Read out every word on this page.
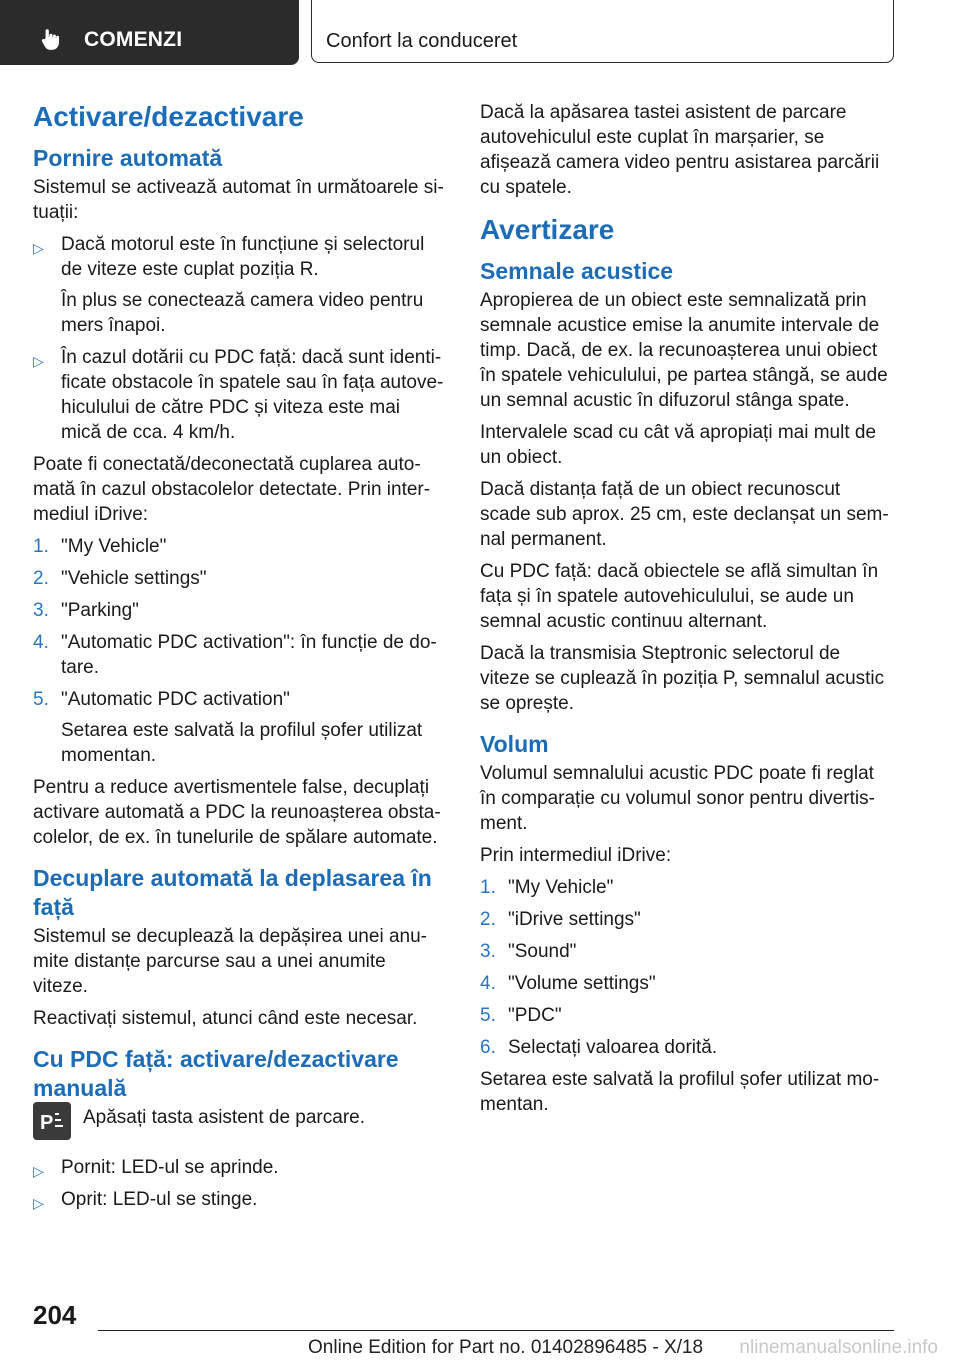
COMENZI	Confort la conduceret
Activare/dezactivare
Pornire automată

Sistemul se activează automat în următoarele situații:

▷ Dacă motorul este în funcțiune și selectorul de viteze este cuplat poziția R.
În plus se conectează camera video pentru mers înapoi.
▷ În cazul dotării cu PDC față: dacă sunt identificate obstacole în spatele sau în fața autovehiculului de către PDC și viteza este mai mică de cca. 4 km/h.

Poate fi conectată/deconectată cuplarea automată în cazul obstacolelor detectate. Prin intermediul iDrive:

1. "My Vehicle"
2. "Vehicle settings"
3. "Parking"
4. "Automatic PDC activation": în funcție de dotare.
5. "Automatic PDC activation"
Setarea este salvată la profilul șofer utilizat momentan.

Pentru a reduce avertismentele false, decuplați activare automată a PDC la reunoașterea obstacolelor, de ex. în tunelurile de spălare automate.

Decuplare automată la deplasarea în față

Sistemul se decuplează la depășirea unei anumite distanțe parcurse sau a unei anumite viteze.

Reactivați sistemul, atunci când este necesar.

Cu PDC față: activare/dezactivare manuală
P Apăsați tasta asistent de parcare.
▷ Pornit: LED-ul se aprinde.
▷ Oprit: LED-ul se stinge.

Dacă la apăsarea tastei asistent de parcare autovehiculul este cuplat în marșarier, se afișează camera video pentru asistarea parcării cu spatele.

Avertizare
Semnale acustice

Apropierea de un obiect este semnalizată prin semnale acustice emise la anumite intervale de timp. Dacă, de ex. la recunoașterea unui obiect în spatele vehiculului, pe partea stângă, se aude un semnal acustic în difuzorul stânga spate.

Intervalele scad cu cât vă apropiați mai mult de un obiect.

Dacă distanța față de un obiect recunoscut scade sub aprox. 25 cm, este declanșat un semnal permanent.

Cu PDC față: dacă obiectele se află simultan în fața și în spatele autovehiculului, se aude un semnal acustic continuu alternant.

Dacă la transmisia Steptronic selectorul de viteze se cuplează în poziția P, semnalul acustic se oprește.

Volum

Volumul semnalului acustic PDC poate fi reglat în comparație cu volumul sonor pentru divertisment.

Prin intermediul iDrive:

1. "My Vehicle"
2. "iDrive settings"
3. "Sound"
4. "Volume settings"
5. "PDC"
6. Selectați valoarea dorită.

Setarea este salvată la profilul șofer utilizat momentan.

204
Online Edition for Part no. 01402896485 - X/18 nlinemanualsonline.info
